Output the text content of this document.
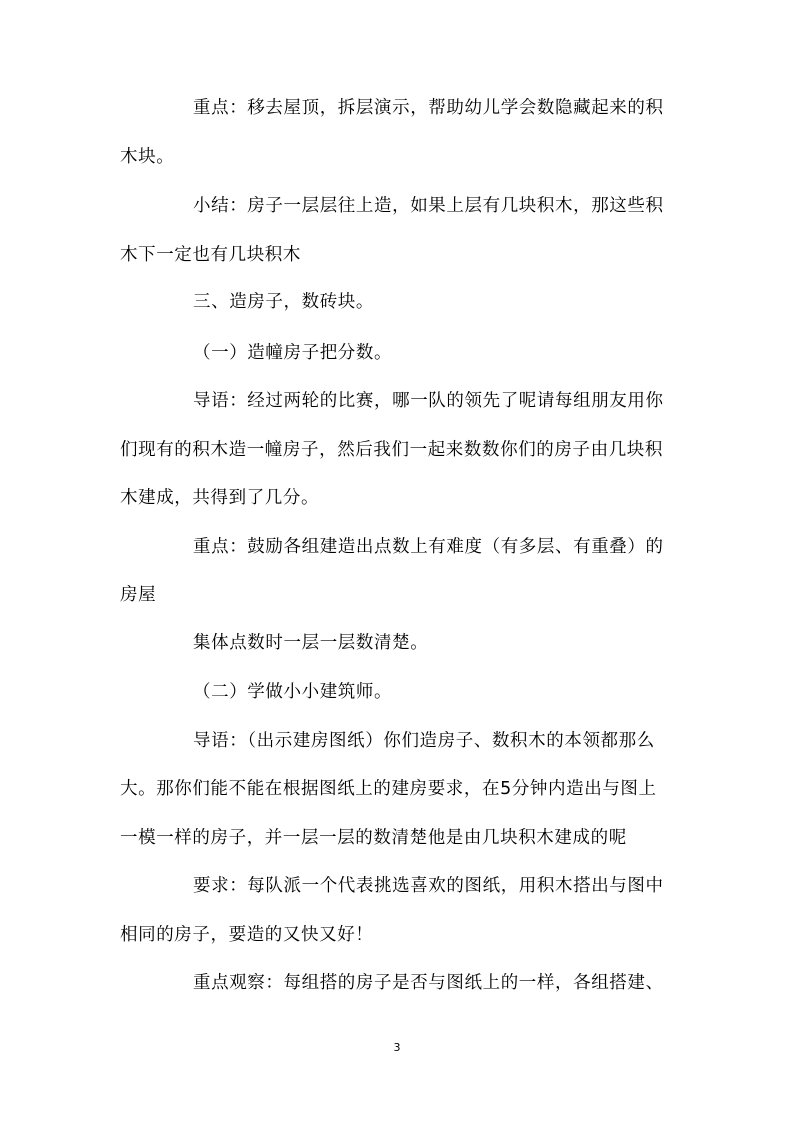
重点：移去屋顶，拆层演示，帮助幼儿学会数隐藏起来的积
木块。
小结：房子一层层往上造，如果上层有几块积木，那这些积
木下一定也有几块积木
三、造房子，数砖块。
（一）造幢房子把分数。
导语：经过两轮的比赛，哪一队的领先了呢请每组朋友用你
们现有的积木造一幢房子，然后我们一起来数数你们的房子由几块积
木建成，共得到了几分。
重点：鼓励各组建造出点数上有难度（有多层、有重叠）的
房屋
集体点数时一层一层数清楚。
（二）学做小小建筑师。
导语：（出示建房图纸）你们造房子、数积木的本领都那么
大。那你们能不能在根据图纸上的建房要求，在5分钟内造出与图上
一模一样的房子，并一层一层的数清楚他是由几块积木建成的呢
要求：每队派一个代表挑选喜欢的图纸，用积木搭出与图中
相同的房子，要造的又快又好！
重点观察：每组搭的房子是否与图纸上的一样，各组搭建、
3
